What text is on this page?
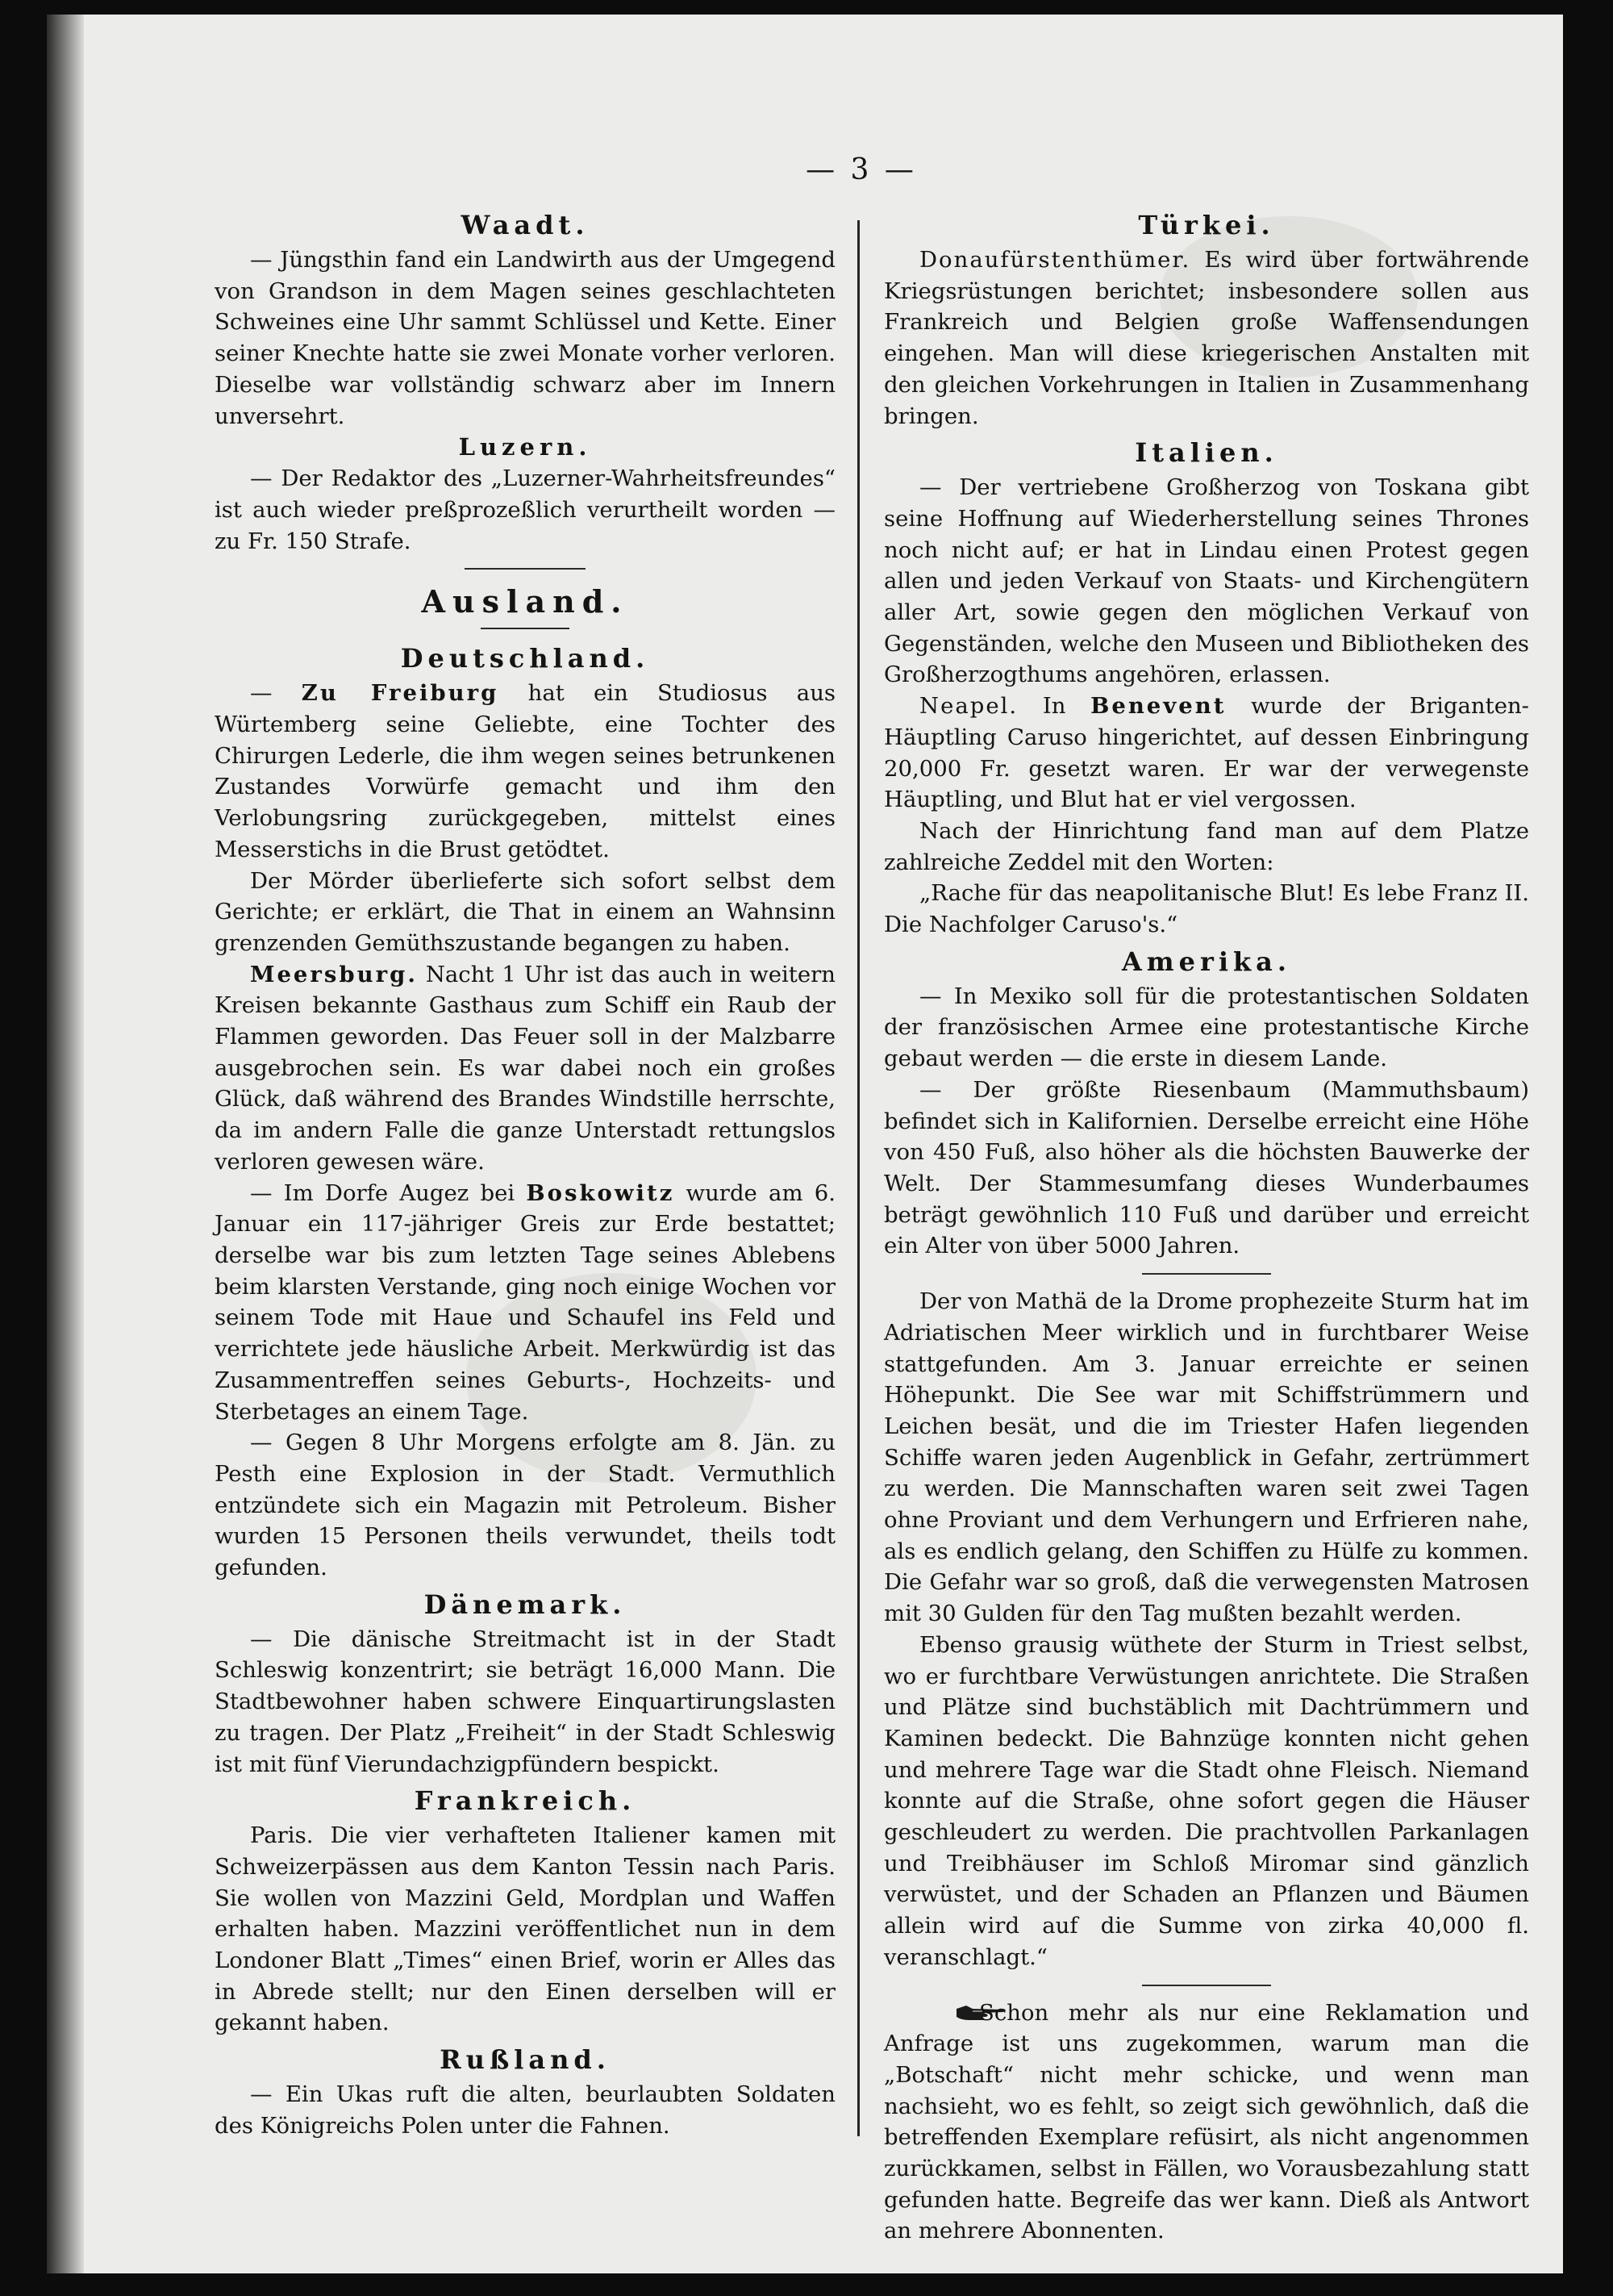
— 3 —
Waadt.

— Jüngsthin fand ein Landwirth aus der Umgegend von Grandson in dem Magen seines geschlachteten Schweines eine Uhr sammt Schlüssel und Kette. Einer seiner Knechte hatte sie zwei Monate vorher verloren. Dieselbe war vollständig schwarz aber im Innern unversehrt.

Luzern.

— Der Redaktor des „Luzerner-Wahrheitsfreundes“ ist auch wieder preßprozeßlich verurtheilt worden — zu Fr. 150 Strafe.

Ausland.
Deutschland.

— Zu Freiburg hat ein Studiosus aus Würtemberg seine Geliebte, eine Tochter des Chirurgen Lederle, die ihm wegen seines betrunkenen Zustandes Vorwürfe gemacht und ihm den Verlobungsring zurückgegeben, mittelst eines Messerstichs in die Brust getödtet.

Der Mörder überlieferte sich sofort selbst dem Gerichte; er erklärt, die That in einem an Wahnsinn grenzenden Gemüthszustande begangen zu haben.

Meersburg. Nacht 1 Uhr ist das auch in weitern Kreisen bekannte Gasthaus zum Schiff ein Raub der Flammen geworden. Das Feuer soll in der Malzbarre ausgebrochen sein. Es war dabei noch ein großes Glück, daß während des Brandes Windstille herrschte, da im andern Falle die ganze Unterstadt rettungslos verloren gewesen wäre.

— Im Dorfe Augez bei Boskowitz wurde am 6. Januar ein 117-jähriger Greis zur Erde bestattet; derselbe war bis zum letzten Tage seines Ablebens beim klarsten Verstande, ging noch einige Wochen vor seinem Tode mit Haue und Schaufel ins Feld und verrichtete jede häusliche Arbeit. Merkwürdig ist das Zusammentreffen seines Geburts-, Hochzeits- und Sterbetages an einem Tage.

— Gegen 8 Uhr Morgens erfolgte am 8. Jän. zu Pesth eine Explosion in der Stadt. Vermuthlich entzündete sich ein Magazin mit Petroleum. Bisher wurden 15 Personen theils verwundet, theils todt gefunden.

Dänemark.

— Die dänische Streitmacht ist in der Stadt Schleswig konzentrirt; sie beträgt 16,000 Mann. Die Stadtbewohner haben schwere Einquartirungslasten zu tragen. Der Platz „Freiheit“ in der Stadt Schleswig ist mit fünf Vierundachzigpfündern bespickt.

Frankreich.

Paris. Die vier verhafteten Italiener kamen mit Schweizerpässen aus dem Kanton Tessin nach Paris. Sie wollen von Mazzini Geld, Mordplan und Waffen erhalten haben. Mazzini veröffentlichet nun in dem Londoner Blatt „Times“ einen Brief, worin er Alles das in Abrede stellt; nur den Einen derselben will er gekannt haben.

Rußland.

— Ein Ukas ruft die alten, beurlaubten Soldaten des Königreichs Polen unter die Fahnen.

Türkei.

Donaufürstenthümer. Es wird über fortwährende Kriegsrüstungen berichtet; insbesondere sollen aus Frankreich und Belgien große Waffensendungen eingehen. Man will diese kriegerischen Anstalten mit den gleichen Vorkehrungen in Italien in Zusammenhang bringen.

Italien.

— Der vertriebene Großherzog von Toskana gibt seine Hoffnung auf Wiederherstellung seines Thrones noch nicht auf; er hat in Lindau einen Protest gegen allen und jeden Verkauf von Staats- und Kirchengütern aller Art, sowie gegen den möglichen Verkauf von Gegenständen, welche den Museen und Bibliotheken des Großherzogthums angehören, erlassen.

Neapel. In Benevent wurde der Briganten-Häuptling Caruso hingerichtet, auf dessen Einbringung 20,000 Fr. gesetzt waren. Er war der verwegenste Häuptling, und Blut hat er viel vergossen.

Nach der Hinrichtung fand man auf dem Platze zahlreiche Zeddel mit den Worten:

„Rache für das neapolitanische Blut! Es lebe Franz II. Die Nachfolger Caruso's.“

Amerika.

— In Mexiko soll für die protestantischen Soldaten der französischen Armee eine protestantische Kirche gebaut werden — die erste in diesem Lande.

— Der größte Riesenbaum (Mammuthsbaum) befindet sich in Kalifornien. Derselbe erreicht eine Höhe von 450 Fuß, also höher als die höchsten Bauwerke der Welt. Der Stammesumfang dieses Wunderbaumes beträgt gewöhnlich 110 Fuß und darüber und erreicht ein Alter von über 5000 Jahren.

Der von Mathä de la Drome prophezeite Sturm hat im Adriatischen Meer wirklich und in furchtbarer Weise stattgefunden. Am 3. Januar erreichte er seinen Höhepunkt. Die See war mit Schiffstrümmern und Leichen besät, und die im Triester Hafen liegenden Schiffe waren jeden Augenblick in Gefahr, zertrümmert zu werden. Die Mannschaften waren seit zwei Tagen ohne Proviant und dem Verhungern und Erfrieren nahe, als es endlich gelang, den Schiffen zu Hülfe zu kommen. Die Gefahr war so groß, daß die verwegensten Matrosen mit 30 Gulden für den Tag mußten bezahlt werden.

Ebenso grausig wüthete der Sturm in Triest selbst, wo er furchtbare Verwüstungen anrichtete. Die Straßen und Plätze sind buchstäblich mit Dachtrümmern und Kaminen bedeckt. Die Bahnzüge konnten nicht gehen und mehrere Tage war die Stadt ohne Fleisch. Niemand konnte auf die Straße, ohne sofort gegen die Häuser geschleudert zu werden. Die prachtvollen Parkanlagen und Treibhäuser im Schloß Miromar sind gänzlich verwüstet, und der Schaden an Pflanzen und Bäumen allein wird auf die Summe von zirka 40,000 fl. veranschlagt.“

Schon mehr als nur eine Reklamation und Anfrage ist uns zugekommen, warum man die „Botschaft“ nicht mehr schicke, und wenn man nachsieht, wo es fehlt, so zeigt sich gewöhnlich, daß die betreffenden Exemplare refüsirt, als nicht angenommen zurückkamen, selbst in Fällen, wo Vorausbezahlung statt gefunden hatte. Begreife das wer kann. Dieß als Antwort an mehrere Abonnenten.
